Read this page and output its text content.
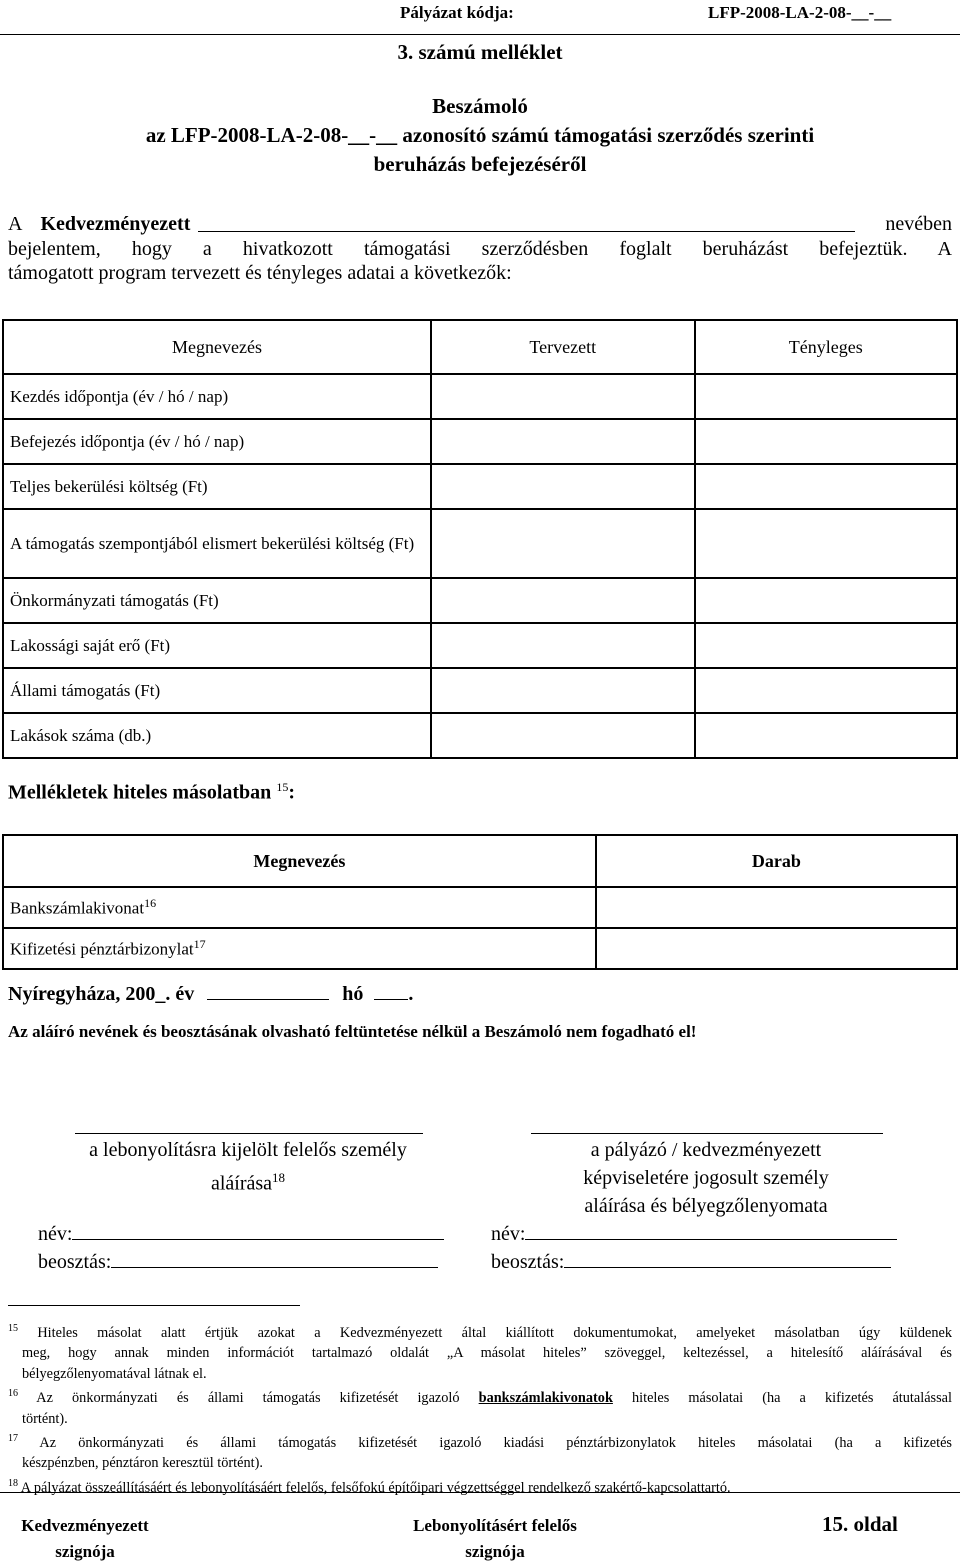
Pályázat kódja:	LFP-2008-LA-2-08-__-__
3. számú melléklet
Beszámoló
az LFP-2008-LA-2-08-__-__ azonosító számú támogatási szerződés szerinti
beruházás befejezéséről
A Kedvezményezett	nevében
bejelentem, hogy a hivatkozott támogatási szerződésben foglalt beruházást befejeztük. A
támogatott program tervezett és tényleges adatai a következők:
Megnevezés	Tervezett	Tényleges
Kezdés időpontja (év / hó / nap)		
Befejezés időpontja (év / hó / nap)		
Teljes bekerülési költség (Ft)		
A támogatás szempontjából elismert bekerülési költség (Ft)		
Önkormányzati támogatás (Ft)		
Lakossági saját erő (Ft)		
Állami támogatás (Ft)		
Lakások száma (db.)		
Mellékletek hiteles másolatban $^{15}$:
Megnevezés	Darab
Bankszámlakivonat$^{16}$	
Kifizetési pénztárbizonylat$^{17}$	
Nyíregyháza, 200_. év	hó .
Az aláíró nevének és beosztásának olvasható feltüntetése nélkül a Beszámoló nem fogadható el!
a lebonyolításra kijelölt felelős személy
aláírása$^{18}$
a pályázó / kedvezményezett
képviseletére jogosult személy
aláírása és bélyegzőlenyomata
név:
beosztás:
név:
beosztás:
$^{15}$ Hiteles másolat alatt értjük azokat a Kedvezményezett által kiállított dokumentumokat, amelyeket másolatban úgy küldenek
meg, hogy annak minden információt tartalmazó oldalát „A másolat hiteles” szöveggel, keltezéssel, a hitelesítő aláírásával és
bélyegzőlenyomatával látnak el.
$^{16}$ Az önkormányzati és állami támogatás kifizetését igazoló bankszámlakivonatok hiteles másolatai (ha a kifizetés átutalással
történt).
$^{17}$ Az önkormányzati és állami támogatás kifizetését igazoló kiadási pénztárbizonylatok hiteles másolatai (ha a kifizetés
készpénzben, pénztáron keresztül történt).
$^{18}$ A pályázat összeállításáért és lebonyolításáért felelős, felsőfokú építőipari végzettséggel rendelkező szakértő-kapcsolattartó.
Kedvezményezett
szignója
Lebonyolításért felelős
szignója
15. oldal
